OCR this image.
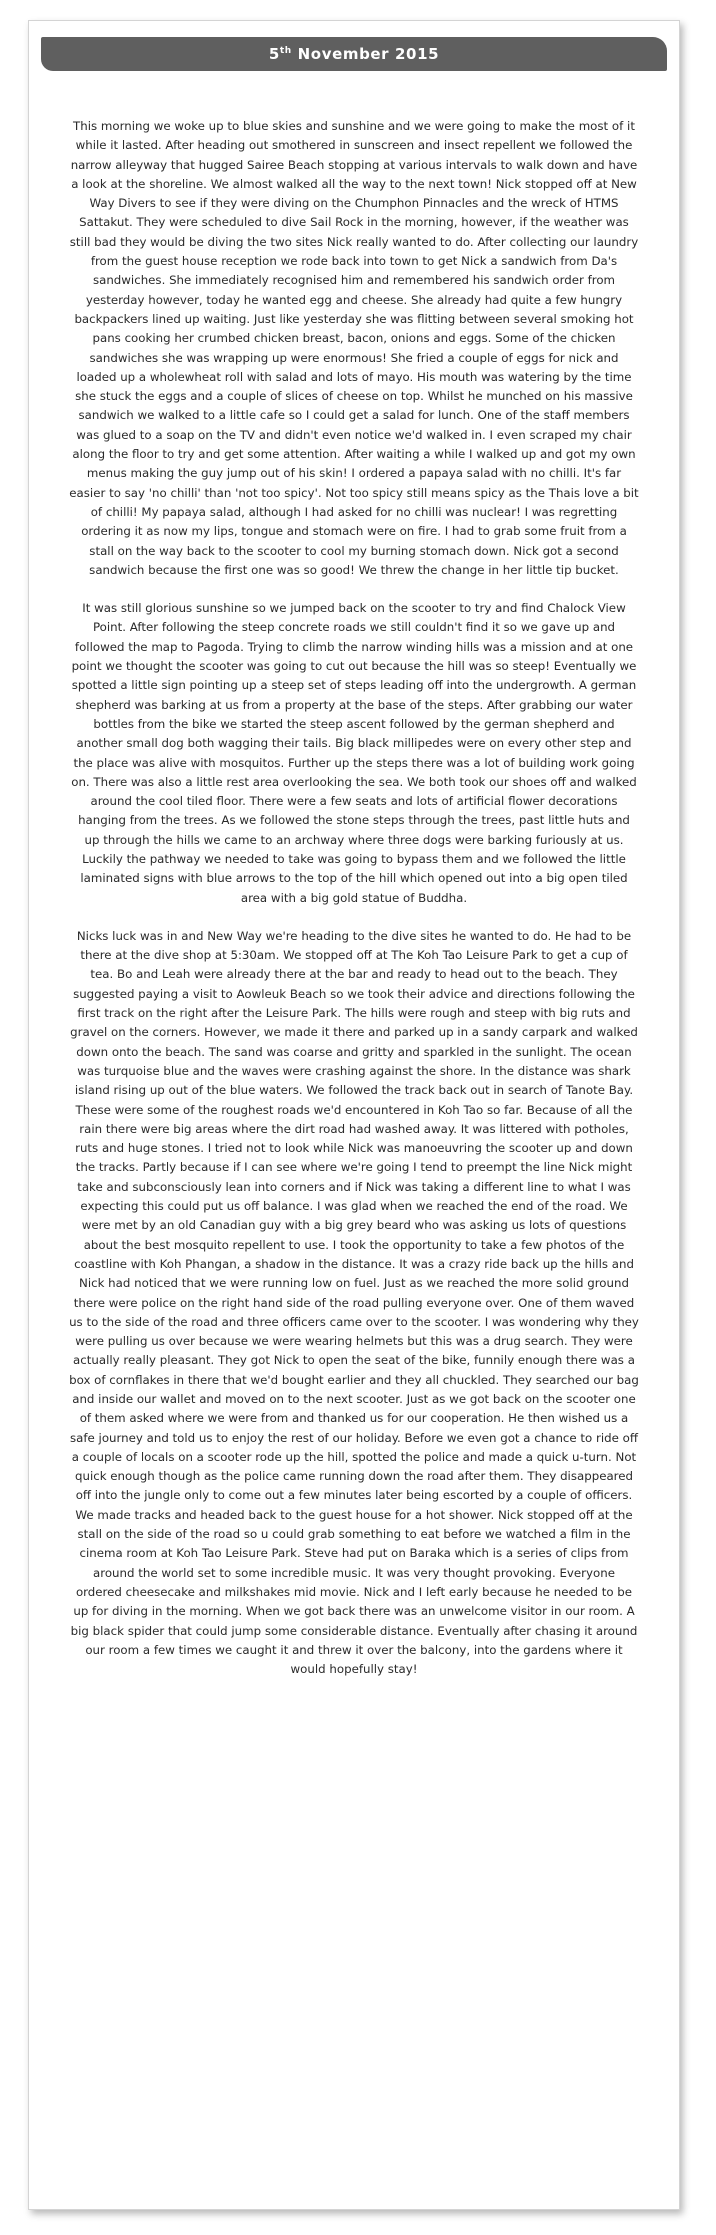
5th November 2015

This morning we woke up to blue skies and sunshine and we were going to make the most of it while it lasted. After heading out smothered in sunscreen and insect repellent we followed the narrow alleyway that hugged Sairee Beach stopping at various intervals to walk down and have a look at the shoreline. We almost walked all the way to the next town! Nick stopped off at New Way Divers to see if they were diving on the Chumphon Pinnacles and the wreck of HTMS Sattakut. They were scheduled to dive Sail Rock in the morning, however, if the weather was still bad they would be diving the two sites Nick really wanted to do. After collecting our laundry from the guest house reception we rode back into town to get Nick a sandwich from Da's sandwiches. She immediately recognised him and remembered his sandwich order from yesterday however, today he wanted egg and cheese. She already had quite a few hungry backpackers lined up waiting. Just like yesterday she was flitting between several smoking hot pans cooking her crumbed chicken breast, bacon, onions and eggs. Some of the chicken sandwiches she was wrapping up were enormous! She fried a couple of eggs for nick and loaded up a wholewheat roll with salad and lots of mayo. His mouth was watering by the time she stuck the eggs and a couple of slices of cheese on top. Whilst he munched on his massive sandwich we walked to a little cafe so I could get a salad for lunch. One of the staff members was glued to a soap on the TV and didn't even notice we'd walked in. I even scraped my chair along the floor to try and get some attention. After waiting a while I walked up and got my own menus making the guy jump out of his skin! I ordered a papaya salad with no chilli. It's far easier to say 'no chilli' than 'not too spicy'. Not too spicy still means spicy as the Thais love a bit of chilli! My papaya salad, although I had asked for no chilli was nuclear! I was regretting ordering it as now my lips, tongue and stomach were on fire. I had to grab some fruit from a stall on the way back to the scooter to cool my burning stomach down. Nick got a second sandwich because the first one was so good! We threw the change in her little tip bucket.

It was still glorious sunshine so we jumped back on the scooter to try and find Chalock View Point. After following the steep concrete roads we still couldn't find it so we gave up and followed the map to Pagoda. Trying to climb the narrow winding hills was a mission and at one point we thought the scooter was going to cut out because the hill was so steep! Eventually we spotted a little sign pointing up a steep set of steps leading off into the undergrowth. A german shepherd was barking at us from a property at the base of the steps. After grabbing our water bottles from the bike we started the steep ascent followed by the german shepherd and another small dog both wagging their tails. Big black millipedes were on every other step and the place was alive with mosquitos. Further up the steps there was a lot of building work going on. There was also a little rest area overlooking the sea. We both took our shoes off and walked around the cool tiled floor. There were a few seats and lots of artificial flower decorations hanging from the trees. As we followed the stone steps through the trees, past little huts and up through the hills we came to an archway where three dogs were barking furiously at us. Luckily the pathway we needed to take was going to bypass them and we followed the little laminated signs with blue arrows to the top of the hill which opened out into a big open tiled area with a big gold statue of Buddha.

Nicks luck was in and New Way we're heading to the dive sites he wanted to do. He had to be there at the dive shop at 5:30am. We stopped off at The Koh Tao Leisure Park to get a cup of tea. Bo and Leah were already there at the bar and ready to head out to the beach. They suggested paying a visit to Aowleuk Beach so we took their advice and directions following the first track on the right after the Leisure Park. The hills were rough and steep with big ruts and gravel on the corners. However, we made it there and parked up in a sandy carpark and walked down onto the beach. The sand was coarse and gritty and sparkled in the sunlight. The ocean was turquoise blue and the waves were crashing against the shore. In the distance was shark island rising up out of the blue waters. We followed the track back out in search of Tanote Bay. These were some of the roughest roads we'd encountered in Koh Tao so far. Because of all the rain there were big areas where the dirt road had washed away. It was littered with potholes, ruts and huge stones. I tried not to look while Nick was manoeuvring the scooter up and down the tracks. Partly because if I can see where we're going I tend to preempt the line Nick might take and subconsciously lean into corners and if Nick was taking a different line to what I was expecting this could put us off balance. I was glad when we reached the end of the road. We were met by an old Canadian guy with a big grey beard who was asking us lots of questions about the best mosquito repellent to use. I took the opportunity to take a few photos of the coastline with Koh Phangan, a shadow in the distance. It was a crazy ride back up the hills and Nick had noticed that we were running low on fuel. Just as we reached the more solid ground there were police on the right hand side of the road pulling everyone over. One of them waved us to the side of the road and three officers came over to the scooter. I was wondering why they were pulling us over because we were wearing helmets but this was a drug search. They were actually really pleasant. They got Nick to open the seat of the bike, funnily enough there was a box of cornflakes in there that we'd bought earlier and they all chuckled. They searched our bag and inside our wallet and moved on to the next scooter. Just as we got back on the scooter one of them asked where we were from and thanked us for our cooperation. He then wished us a safe journey and told us to enjoy the rest of our holiday. Before we even got a chance to ride off a couple of locals on a scooter rode up the hill, spotted the police and made a quick u-turn. Not quick enough though as the police came running down the road after them. They disappeared off into the jungle only to come out a few minutes later being escorted by a couple of officers. We made tracks and headed back to the guest house for a hot shower. Nick stopped off at the stall on the side of the road so u could grab something to eat before we watched a film in the cinema room at Koh Tao Leisure Park. Steve had put on Baraka which is a series of clips from around the world set to some incredible music. It was very thought provoking. Everyone ordered cheesecake and milkshakes mid movie. Nick and I left early because he needed to be up for diving in the morning. When we got back there was an unwelcome visitor in our room. A big black spider that could jump some considerable distance. Eventually after chasing it around our room a few times we caught it and threw it over the balcony, into the gardens where it would hopefully stay!
